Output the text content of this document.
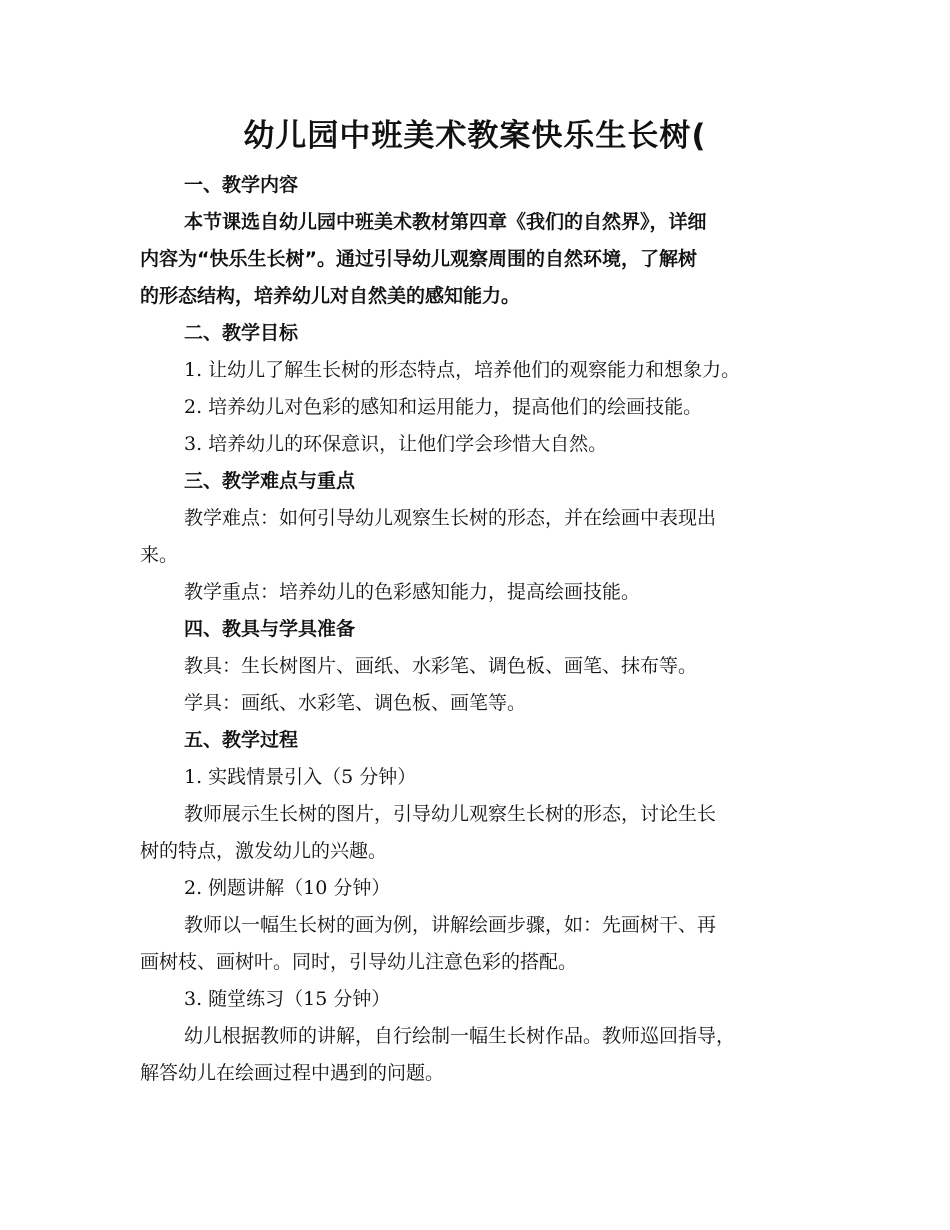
幼儿园中班美术教案快乐生长树(
一、教学内容
本节课选自幼儿园中班美术教材第四章《我们的自然界》，详细
内容为“快乐生长树”。通过引导幼儿观察周围的自然环境，了解树
的形态结构，培养幼儿对自然美的感知能力。
二、教学目标
1. 让幼儿了解生长树的形态特点，培养他们的观察能力和想象力。
2. 培养幼儿对色彩的感知和运用能力，提高他们的绘画技能。
3. 培养幼儿的环保意识，让他们学会珍惜大自然。
三、教学难点与重点
教学难点：如何引导幼儿观察生长树的形态，并在绘画中表现出
来。
教学重点：培养幼儿的色彩感知能力，提高绘画技能。
四、教具与学具准备
教具：生长树图片、画纸、水彩笔、调色板、画笔、抹布等。
学具：画纸、水彩笔、调色板、画笔等。
五、教学过程
1. 实践情景引入（5 分钟）
教师展示生长树的图片，引导幼儿观察生长树的形态，讨论生长
树的特点，激发幼儿的兴趣。
2. 例题讲解（10 分钟）
教师以一幅生长树的画为例，讲解绘画步骤，如：先画树干、再
画树枝、画树叶。同时，引导幼儿注意色彩的搭配。
3. 随堂练习（15 分钟）
幼儿根据教师的讲解，自行绘制一幅生长树作品。教师巡回指导，
解答幼儿在绘画过程中遇到的问题。
